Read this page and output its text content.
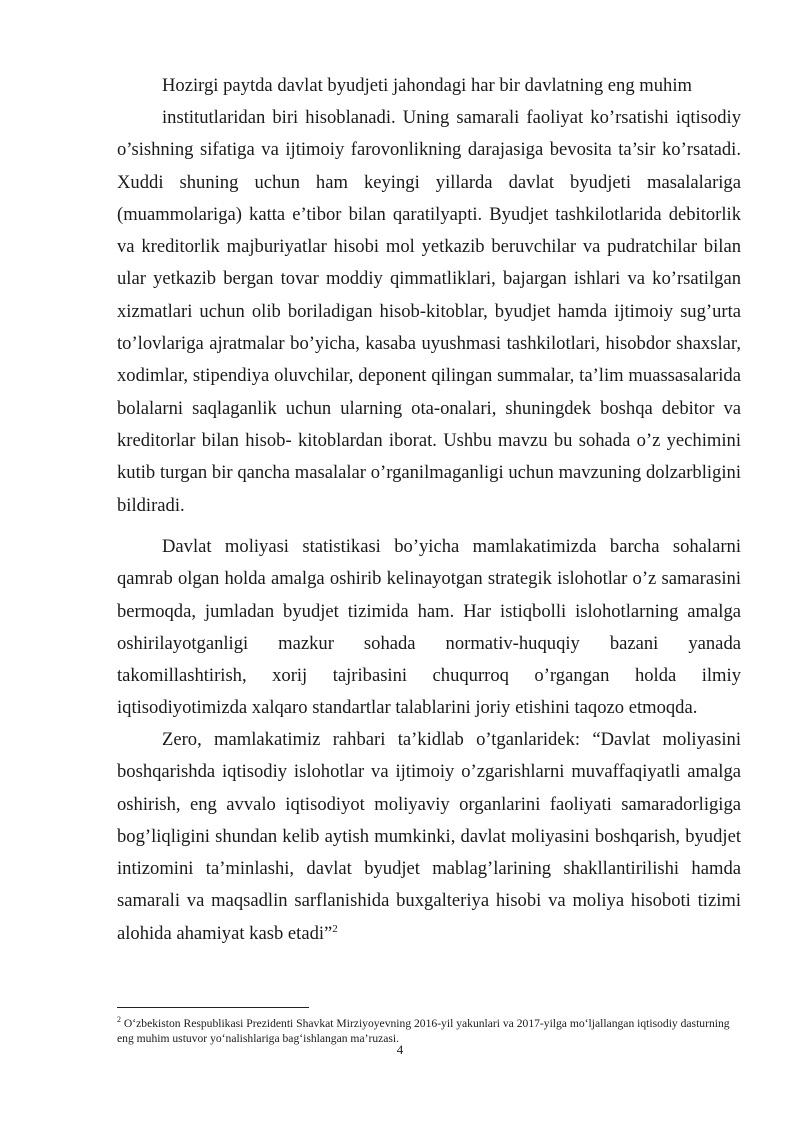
Hozirgi paytda davlat byudjeti jahondagi har bir davlatning eng muhim

institutlaridan biri hisoblanadi. Uning samarali faoliyat ko’rsatishi iqtisodiy o’sishning sifatiga va ijtimoiy farovonlikning darajasiga bevosita ta’sir ko’rsatadi. Xuddi shuning uchun ham keyingi yillarda davlat byudjeti masalalariga (muammolariga) katta e’tibor bilan qaratilyapti. Byudjet tashkilotlarida debitorlik va kreditorlik majburiyatlar hisobi mol yetkazib beruvchilar va pudratchilar bilan ular yetkazib bergan tovar moddiy qimmatliklari, bajargan ishlari va ko’rsatilgan xizmatlari uchun olib boriladigan hisob-kitoblar, byudjet hamda ijtimoiy sug’urta to’lovlariga ajratmalar bo’yicha, kasaba uyushmasi tashkilotlari, hisobdor shaxslar, xodimlar, stipendiya oluvchilar, deponent qilingan summalar, ta’lim muassasalarida bolalarni saqlaganlik uchun ularning ota-onalari, shuningdek boshqa debitor va kreditorlar bilan hisob- kitoblardan iborat. Ushbu mavzu bu sohada o’z yechimini kutib turgan bir qancha masalalar o’rganilmaganligi uchun mavzuning dolzarbligini bildiradi.

Davlat moliyasi statistikasi bo’yicha mamlakatimizda barcha sohalarni qamrab olgan holda amalga oshirib kelinayotgan strategik islohotlar o’z samarasini bermoqda, jumladan byudjet tizimida ham. Har istiqbolli islohotlarning amalga oshirilayotganligi mazkur sohada normativ-huquqiy bazani yanada takomillashtirish, xorij tajribasini chuqurroq o’rgangan holda ilmiy iqtisodiyotimizda xalqaro standartlar talablarini joriy etishini taqozo etmoqda.

Zero, mamlakatimiz rahbari ta’kidlab o’tganlaridek: “Davlat moliyasini boshqarishda iqtisodiy islohotlar va ijtimoiy o’zgarishlarni muvaffaqiyatli amalga oshirish, eng avvalo iqtisodiyot moliyaviy organlarini faoliyati samaradorligiga bog’liqligini shundan kelib aytish mumkinki, davlat moliyasini boshqarish, byudjet intizomini ta’minlashi, davlat byudjet mablag’larining shakllantirilishi hamda samarali va maqsadlin sarflanishida buxgalteriya hisobi va moliya hisoboti tizimi alohida ahamiyat kasb etadi”$^2$

$^2$ O‘zbekiston Respublikasi Prezidenti Shavkat Mirziyoyevning 2016-yil yakunlari va 2017-yilga mo‘ljallangan iqtisodiy dasturning eng muhim ustuvor yo‘nalishlariga bag‘ishlangan ma’ruzasi.

4
